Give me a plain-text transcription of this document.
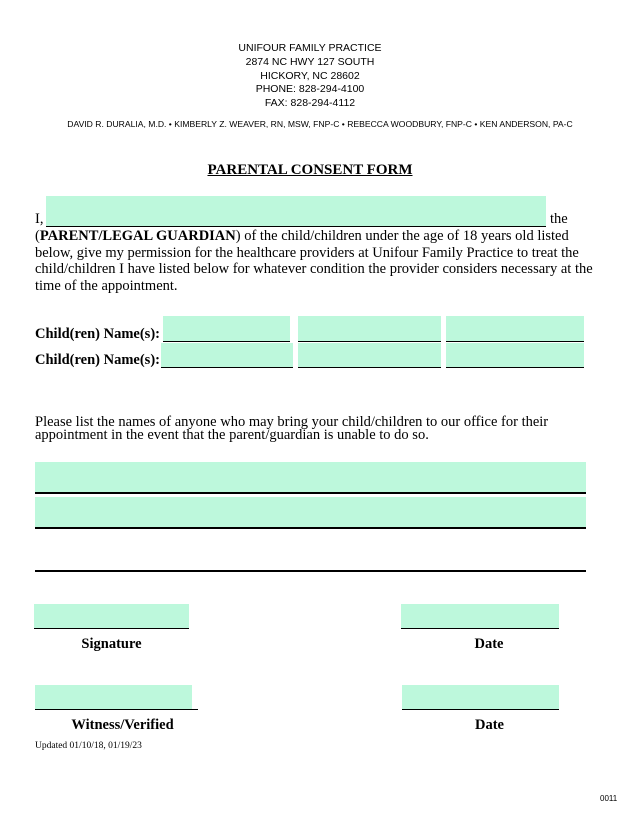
UNIFOUR FAMILY PRACTICE
2874 NC HWY 127 SOUTH
HICKORY, NC 28602
PHONE: 828-294-4100
FAX: 828-294-4112
DAVID R. DURALIA, M.D. • KIMBERLY Z. WEAVER, RN, MSW, FNP-C • REBECCA WOODBURY, FNP-C • KEN ANDERSON, PA-C
PARENTAL CONSENT FORM
I,	the
(PARENT/LEGAL GUARDIAN) of the child/children under the age of 18 years old listed
below, give my permission for the healthcare providers at Unifour Family Practice to treat the
child/children I have listed below for whatever condition the provider considers necessary at the
time of the appointment.
Child(ren) Name(s):
Child(ren) Name(s):
Please list the names of anyone who may bring your child/children to our office for their
appointment in the event that the parent/guardian is unable to do so.
Signature	Date
Witness/Verified	Date
Updated 01/10/18, 01/19/23
0011
